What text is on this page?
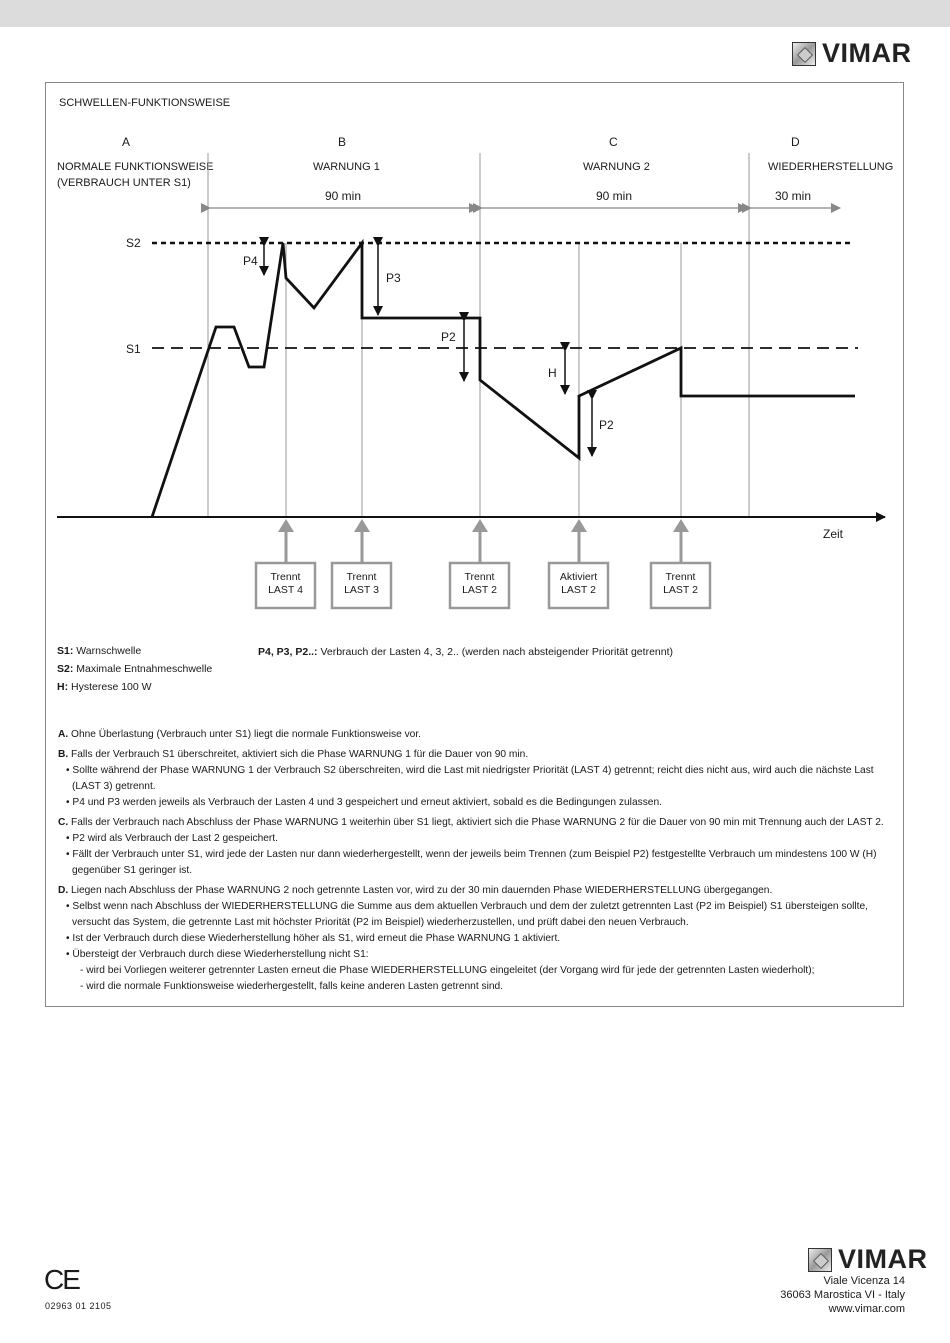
VIMAR
SCHWELLEN-FUNKTIONSWEISE
A	B	C	D
NORMALE FUNKTIONSWEISE
(VERBRAUCH UNTER S1)
WARNUNG 1	WARNUNG 2	WIEDERHERSTELLUNG
90 min	90 min	30 min
S2
S1
P4
P3
P2
H
P2
Zeit
Trennt
LAST 4
Trennt
LAST 3
Trennt
LAST 2
Aktiviert
LAST 2
Trennt
LAST 2
S1: Warnschwelle
S2: Maximale Entnahmeschwelle
H: Hysterese 100 W
P4, P3, P2..: Verbrauch der Lasten 4, 3, 2.. (werden nach absteigender Priorität getrennt)

A. Ohne Überlastung (Verbrauch unter S1) liegt die normale Funktionsweise vor.

B. Falls der Verbrauch S1 überschreitet, aktiviert sich die Phase WARNUNG 1 für die Dauer von 90 min.

• Sollte während der Phase WARNUNG 1 der Verbrauch S2 überschreiten, wird die Last mit niedrigster Priorität (LAST 4) getrennt; reicht dies nicht aus, wird auch die nächste Last (LAST 3) getrennt.

• P4 und P3 werden jeweils als Verbrauch der Lasten 4 und 3 gespeichert und erneut aktiviert, sobald es die Bedingungen zulassen.

C. Falls der Verbrauch nach Abschluss der Phase WARNUNG 1 weiterhin über S1 liegt, aktiviert sich die Phase WARNUNG 2 für die Dauer von 90 min mit Trennung auch der LAST 2.

• P2 wird als Verbrauch der Last 2 gespeichert.

• Fällt der Verbrauch unter S1, wird jede der Lasten nur dann wiederhergestellt, wenn der jeweils beim Trennen (zum Beispiel P2) festgestellte Verbrauch um mindestens 100 W (H) gegenüber S1 geringer ist.

D. Liegen nach Abschluss der Phase WARNUNG 2 noch getrennte Lasten vor, wird zu der 30 min dauernden Phase WIEDERHERSTELLUNG übergegangen.

• Selbst wenn nach Abschluss der WIEDERHERSTELLUNG die Summe aus dem aktuellen Verbrauch und dem der zuletzt getrennten Last (P2 im Beispiel) S1 übersteigen sollte, versucht das System, die getrennte Last mit höchster Priorität (P2 im Beispiel) wiederherzustellen, und prüft dabei den neuen Verbrauch.

• Ist der Verbrauch durch diese Wiederherstellung höher als S1, wird erneut die Phase WARNUNG 1 aktiviert.

• Übersteigt der Verbrauch durch diese Wiederherstellung nicht S1:

- wird bei Vorliegen weiterer getrennter Lasten erneut die Phase WIEDERHERSTELLUNG eingeleitet (der Vorgang wird für jede der getrennten Lasten wiederholt);

- wird die normale Funktionsweise wiederhergestellt, falls keine anderen Lasten getrennt sind.

CE
02963 01 2105
VIMAR
Viale Vicenza 14
36063 Marostica VI - Italy
www.vimar.com
